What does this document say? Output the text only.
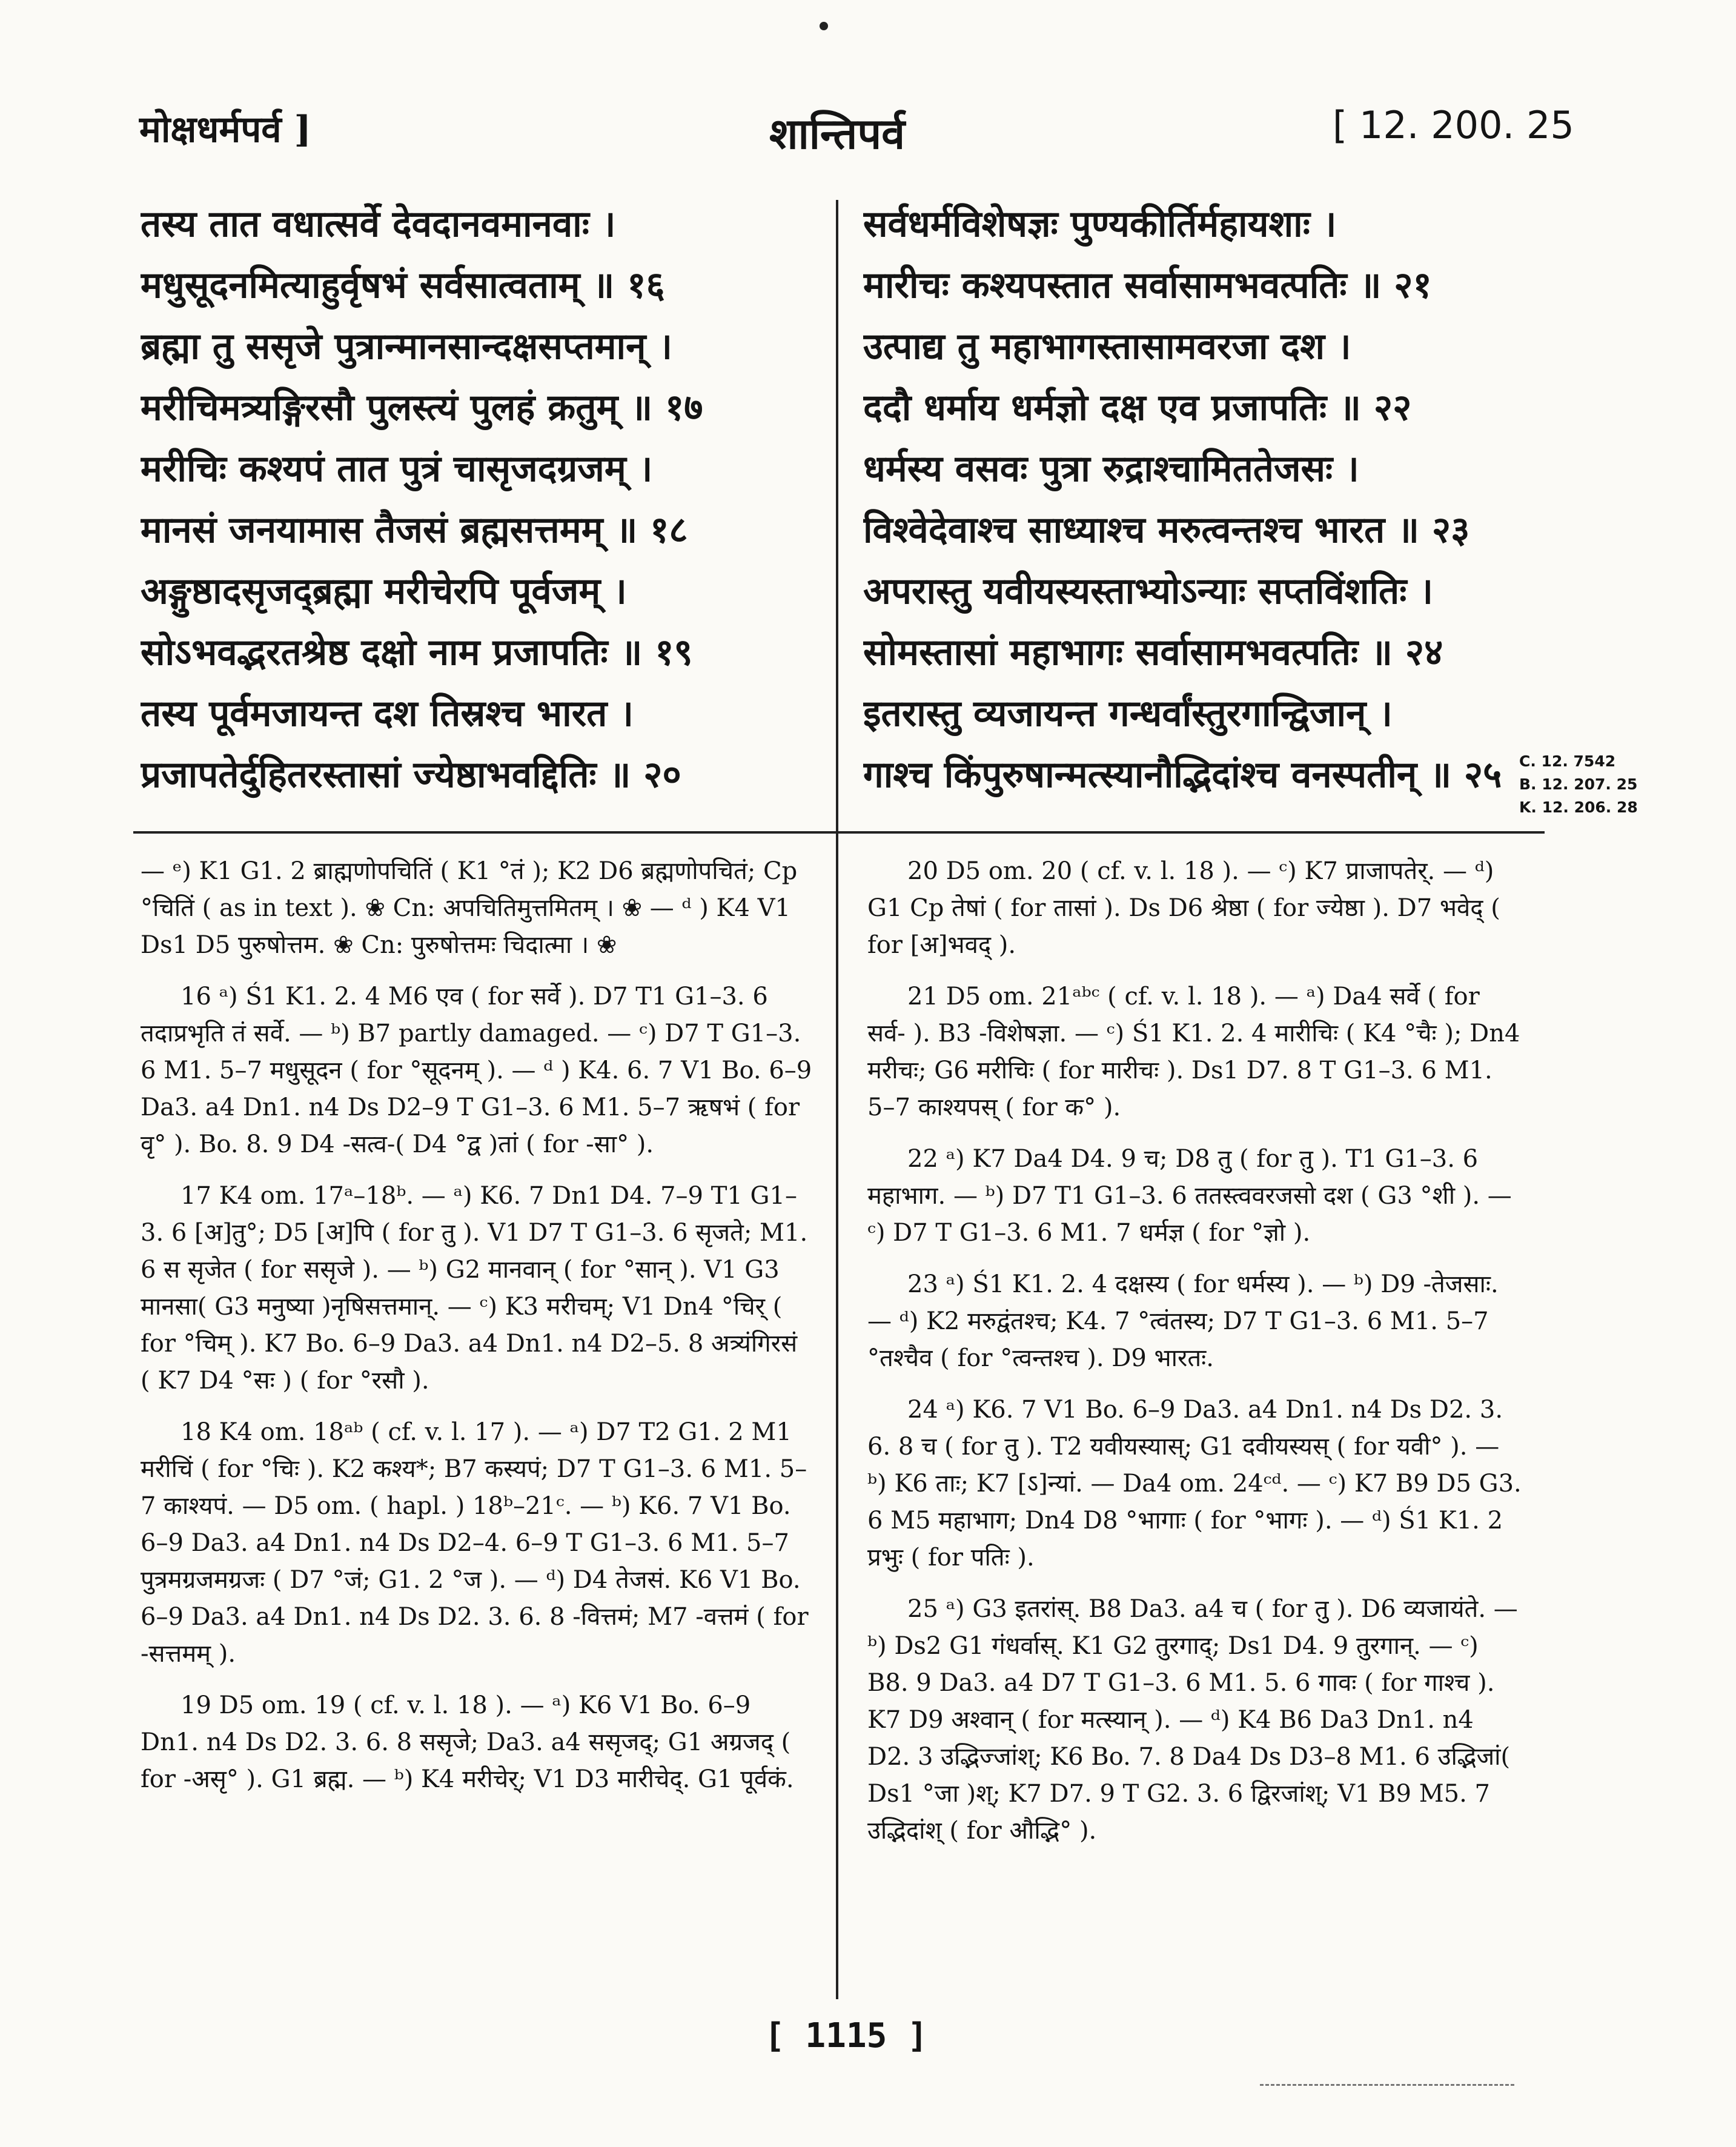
मोक्षधर्मपर्व ]	शान्तिपर्व	[ 12. 200. 25
तस्य तात वधात्सर्वे देवदानवमानवाः ।
मधुसूदनमित्याहुर्वृषभं सर्वसात्वताम् ॥ १६
ब्रह्मा तु ससृजे पुत्रान्मानसान्दक्षसप्तमान् ।
मरीचिमत्र्यङ्गिरसौ पुलस्त्यं पुलहं क्रतुम् ॥ १७
मरीचिः कश्यपं तात पुत्रं चासृजदग्रजम् ।
मानसं जनयामास तैजसं ब्रह्मसत्तमम् ॥ १८
अङ्गुष्ठादसृजद्ब्रह्मा मरीचेरपि पूर्वजम् ।
सोऽभवद्भरतश्रेष्ठ दक्षो नाम प्रजापतिः ॥ १९
तस्य पूर्वमजायन्त दश तिस्रश्च भारत ।
प्रजापतेर्दुहितरस्तासां ज्येष्ठाभवद्दितिः ॥ २०
सर्वधर्मविशेषज्ञः पुण्यकीर्तिर्महायशाः ।
मारीचः कश्यपस्तात सर्वासामभवत्पतिः ॥ २१
उत्पाद्य तु महाभागस्तासामवरजा दश ।
ददौ धर्माय धर्मज्ञो दक्ष एव प्रजापतिः ॥ २२
धर्मस्य वसवः पुत्रा रुद्राश्चामिततेजसः ।
विश्वेदेवाश्च साध्याश्च मरुत्वन्तश्च भारत ॥ २३
अपरास्तु यवीयस्यस्ताभ्योऽन्याः सप्तविंशतिः ।
सोमस्तासां महाभागः सर्वासामभवत्पतिः ॥ २४
इतरास्तु व्यजायन्त गन्धर्वांस्तुरगान्द्विजान् ।
गाश्च किंपुरुषान्मत्स्यानौद्भिदांश्च वनस्पतीन् ॥ २५	C. 12. 7542
B. 12. 207. 25
K. 12. 206. 28

— ᵉ) K1 G1. 2 ब्राह्मणोपचितिं ( K1 °तं ); K2 D6 ब्रह्मणोपचितं; Cp °चितिं ( as in text ). ❀ Cn: अपचितिमुत्तमितम् । ❀ — ᵈ ) K4 V1 Ds1 D5 पुरुषोत्तम. ❀ Cn: पुरुषोत्तमः चिदात्मा । ❀

16 ᵃ) Ś1 K1. 2. 4 M6 एव ( for सर्वे ). D7 T1 G1–3. 6 तदाप्रभृति तं सर्वे. — ᵇ) B7 partly damaged. — ᶜ) D7 T G1–3. 6 M1. 5–7 मधुसूदन ( for °सूदनम् ). — ᵈ ) K4. 6. 7 V1 Bo. 6–9 Da3. a4 Dn1. n4 Ds D2–9 T G1–3. 6 M1. 5–7 ऋषभं ( for वृ° ). Bo. 8. 9 D4 -सत्व-( D4 °द्व )तां ( for -सा° ).

17 K4 om. 17ᵃ–18ᵇ. — ᵃ) K6. 7 Dn1 D4. 7–9 T1 G1–3. 6 [अ]तु°; D5 [अ]पि ( for तु ). V1 D7 T G1–3. 6 सृजते; M1. 6 स सृजेत ( for ससृजे ). — ᵇ) G2 मानवान् ( for °सान् ). V1 G3 मानसा( G3 मनुष्या )नृषिसत्तमान्. — ᶜ) K3 मरीचम्; V1 Dn4 °चिर् ( for °चिम् ). K7 Bo. 6–9 Da3. a4 Dn1. n4 D2–5. 8 अत्र्यंगिरसं ( K7 D4 °सः ) ( for °रसौ ).

18 K4 om. 18ᵃᵇ ( cf. v. l. 17 ). — ᵃ) D7 T2 G1. 2 M1 मरीचिं ( for °चिः ). K2 कश्य*; B7 कस्यपं; D7 T G1–3. 6 M1. 5–7 काश्यपं. — D5 om. ( hapl. ) 18ᵇ–21ᶜ. — ᵇ) K6. 7 V1 Bo. 6–9 Da3. a4 Dn1. n4 Ds D2–4. 6–9 T G1–3. 6 M1. 5–7 पुत्रमग्रजमग्रजः ( D7 °जं; G1. 2 °ज ). — ᵈ) D4 तेजसं. K6 V1 Bo. 6–9 Da3. a4 Dn1. n4 Ds D2. 3. 6. 8 -वित्तमं; M7 -वत्तमं ( for -सत्तमम् ).

19 D5 om. 19 ( cf. v. l. 18 ). — ᵃ) K6 V1 Bo. 6–9 Dn1. n4 Ds D2. 3. 6. 8 ससृजे; Da3. a4 ससृजद्; G1 अग्रजद् ( for -असृ° ). G1 ब्रह्म. — ᵇ) K4 मरीचेर्; V1 D3 मारीचेद्. G1 पूर्वकं.

20 D5 om. 20 ( cf. v. l. 18 ). — ᶜ) K7 प्राजापतेर्. — ᵈ) G1 Cp तेषां ( for तासां ). Ds D6 श्रेष्ठा ( for ज्येष्ठा ). D7 भवेद् ( for [अ]भवद् ).

21 D5 om. 21ᵃᵇᶜ ( cf. v. l. 18 ). — ᵃ) Da4 सर्वे ( for सर्व- ). B3 -विशेषज्ञा. — ᶜ) Ś1 K1. 2. 4 मारीचिः ( K4 °चैः ); Dn4 मरीचः; G6 मरीचिः ( for मारीचः ). Ds1 D7. 8 T G1–3. 6 M1. 5–7 काश्यपस् ( for क° ).

22 ᵃ) K7 Da4 D4. 9 च; D8 तु ( for तु ). T1 G1–3. 6 महाभाग. — ᵇ) D7 T1 G1–3. 6 ततस्त्ववरजसो दश ( G3 °शी ). — ᶜ) D7 T G1–3. 6 M1. 7 धर्मज्ञ ( for °ज्ञो ).

23 ᵃ) Ś1 K1. 2. 4 दक्षस्य ( for धर्मस्य ). — ᵇ) D9 -तेजसाः. — ᵈ) K2 मरुद्वंतश्च; K4. 7 °त्वंतस्य; D7 T G1–3. 6 M1. 5–7 °तश्चैव ( for °त्वन्तश्च ). D9 भारतः.

24 ᵃ) K6. 7 V1 Bo. 6–9 Da3. a4 Dn1. n4 Ds D2. 3. 6. 8 च ( for तु ). T2 यवीयस्यास्; G1 दवीयस्यस् ( for यवी° ). — ᵇ) K6 ताः; K7 [ऽ]न्यां. — Da4 om. 24ᶜᵈ. — ᶜ) K7 B9 D5 G3. 6 M5 महाभाग; Dn4 D8 °भागाः ( for °भागः ). — ᵈ) Ś1 K1. 2 प्रभुः ( for पतिः ).

25 ᵃ) G3 इतरांस्. B8 Da3. a4 च ( for तु ). D6 व्यजायंते. — ᵇ) Ds2 G1 गंधर्वास्. K1 G2 तुरगाद्; Ds1 D4. 9 तुरगान्. — ᶜ) B8. 9 Da3. a4 D7 T G1–3. 6 M1. 5. 6 गावः ( for गाश्च ). K7 D9 अश्वान् ( for मत्स्यान् ). — ᵈ) K4 B6 Da3 Dn1. n4 D2. 3 उद्भिज्जांश्; K6 Bo. 7. 8 Da4 Ds D3–8 M1. 6 उद्भिजां( Ds1 °जा )श्; K7 D7. 9 T G2. 3. 6 द्विरजांश्; V1 B9 M5. 7 उद्भिदांश् ( for औद्भि° ).

[ 1115 ]
